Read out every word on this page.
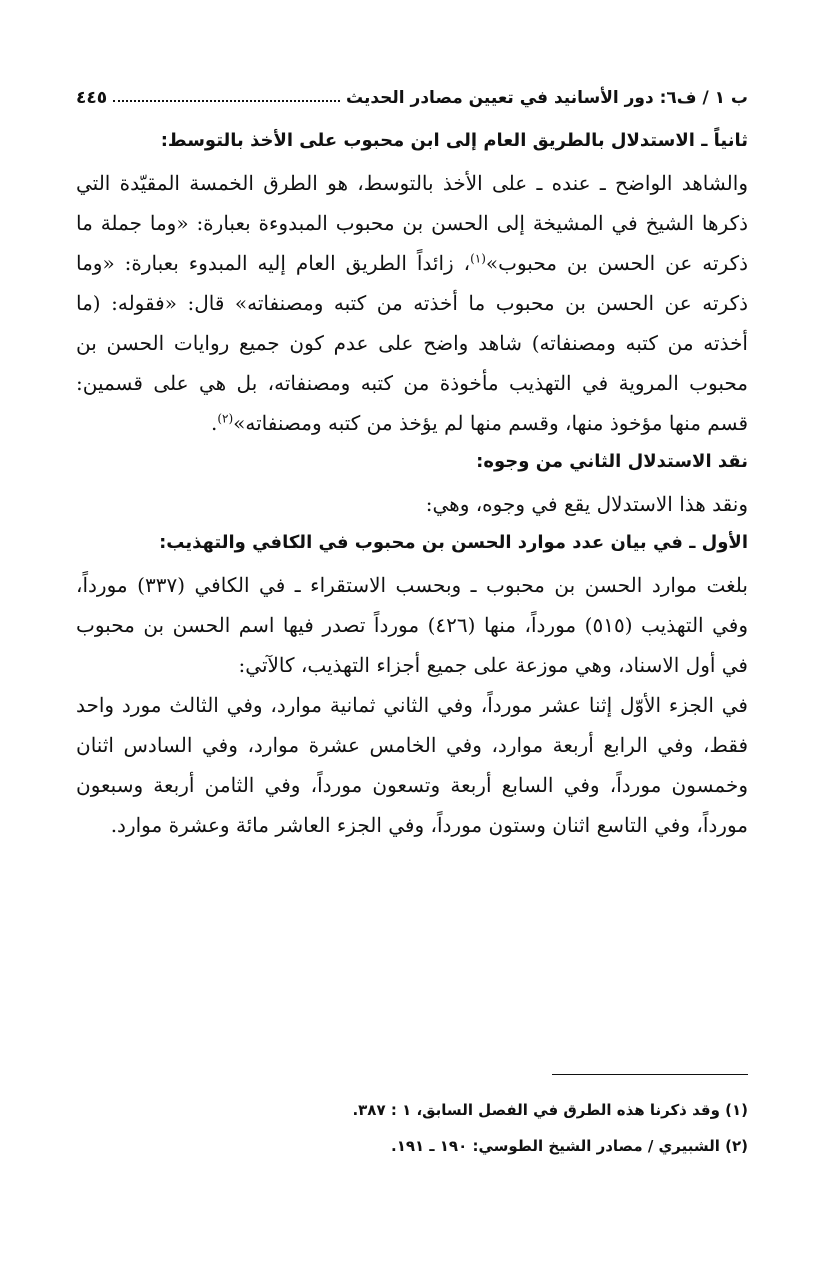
ب ١ / ف٦: دور الأسانيد في تعيين مصادر الحديث
٤٤٥
ثانياً ـ الاستدلال بالطريق العام إلى ابن محبوب على الأخذ بالتوسط:

والشاهد الواضح ـ عنده ـ على الأخذ بالتوسط، هو الطرق الخمسة المقيّدة التي ذكرها الشيخ في المشيخة إلى الحسن بن محبوب المبدوءة بعبارة: «وما جملة ما ذكرته عن الحسن بن محبوب»$^{(١)}$، زائداً الطريق العام إليه المبدوء بعبارة: «وما ذكرته عن الحسن بن محبوب ما أخذته من كتبه ومصنفاته» قال: «فقوله: (ما أخذته من كتبه ومصنفاته) شاهد واضح على عدم كون جميع روايات الحسن بن محبوب المروية في التهذيب مأخوذة من كتبه ومصنفاته، بل هي على قسمين: قسم منها مؤخوذ منها، وقسم منها لم يؤخذ من كتبه ومصنفاته»$^{(٢)}$.

نقد الاستدلال الثاني من وجوه:

ونقد هذا الاستدلال يقع في وجوه، وهي:

الأول ـ في بيان عدد موارد الحسن بن محبوب في الكافي والتهذيب:

بلغت موارد الحسن بن محبوب ـ وبحسب الاستقراء ـ في الكافي (٣٣٧) مورداً، وفي التهذيب (٥١٥) مورداً، منها (٤٢٦) مورداً تصدر فيها اسم الحسن بن محبوب في أول الاسناد، وهي موزعة على جميع أجزاء التهذيب، كالآتي:

في الجزء الأوّل إثنا عشر مورداً، وفي الثاني ثمانية موارد، وفي الثالث مورد واحد فقط، وفي الرابع أربعة موارد، وفي الخامس عشرة موارد، وفي السادس اثنان وخمسون مورداً، وفي السابع أربعة وتسعون مورداً، وفي الثامن أربعة وسبعون مورداً، وفي التاسع اثنان وستون مورداً، وفي الجزء العاشر مائة وعشرة موارد.

(١) وقد ذكرنا هذه الطرق في الفصل السابق، ١ : ٣٨٧.

(٢) الشبيري / مصادر الشيخ الطوسي: ١٩٠ ـ ١٩١.
